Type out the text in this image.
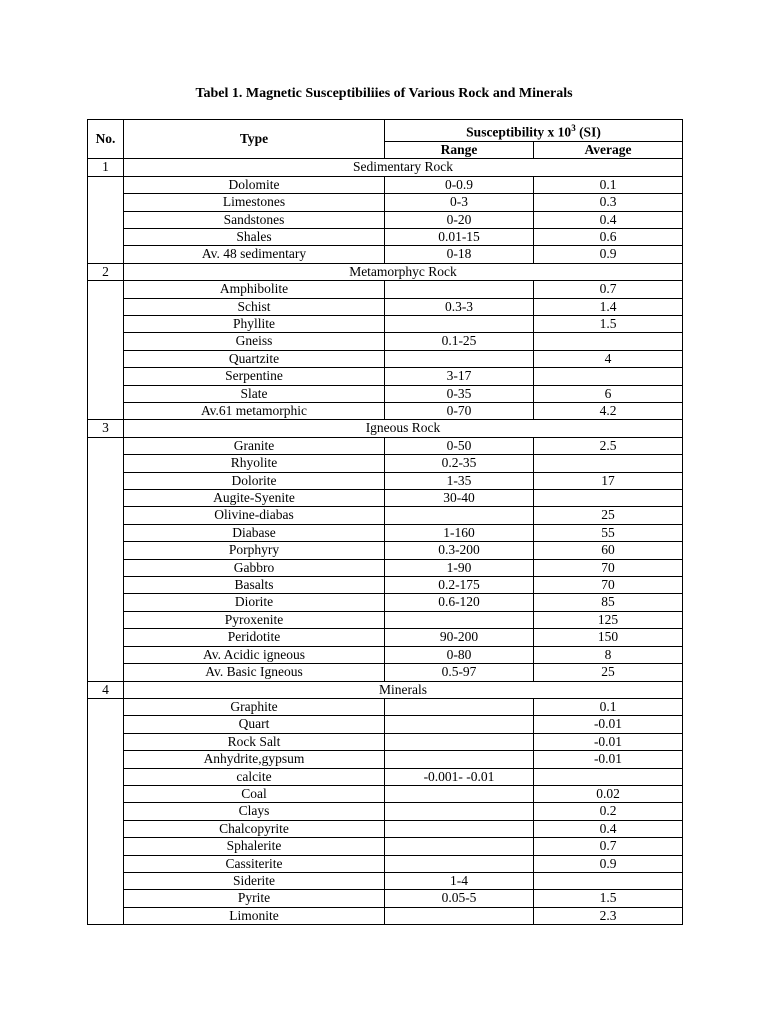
Tabel 1. Magnetic Susceptibiliies of Various Rock and Minerals
No.	Type	Susceptibility x $10^3$ (SI)	
		Range	Average
1	Sedimentary Rock		
	Dolomite	0-0.9	0.1
	Limestones	0-3	0.3
	Sandstones	0-20	0.4
	Shales	0.01-15	0.6
	Av. 48 sedimentary	0-18	0.9
2	Metamorphyc Rock		
	Amphibolite		0.7
	Schist	0.3-3	1.4
	Phyllite		1.5
	Gneiss	0.1-25	
	Quartzite		4
	Serpentine	3-17	
	Slate	0-35	6
	Av.61 metamorphic	0-70	4.2
3	Igneous Rock		
	Granite	0-50	2.5
	Rhyolite	0.2-35	
	Dolorite	1-35	17
	Augite-Syenite	30-40	
	Olivine-diabas		25
	Diabase	1-160	55
	Porphyry	0.3-200	60
	Gabbro	1-90	70
	Basalts	0.2-175	70
	Diorite	0.6-120	85
	Pyroxenite		125
	Peridotite	90-200	150
	Av. Acidic igneous	0-80	8
	Av. Basic Igneous	0.5-97	25
4	Minerals		
	Graphite		0.1
	Quart		-0.01
	Rock Salt		-0.01
	Anhydrite,gypsum		-0.01
	calcite	-0.001- -0.01	
	Coal		0.02
	Clays		0.2
	Chalcopyrite		0.4
	Sphalerite		0.7
	Cassiterite		0.9
	Siderite	1-4	
	Pyrite	0.05-5	1.5
	Limonite		2.3
